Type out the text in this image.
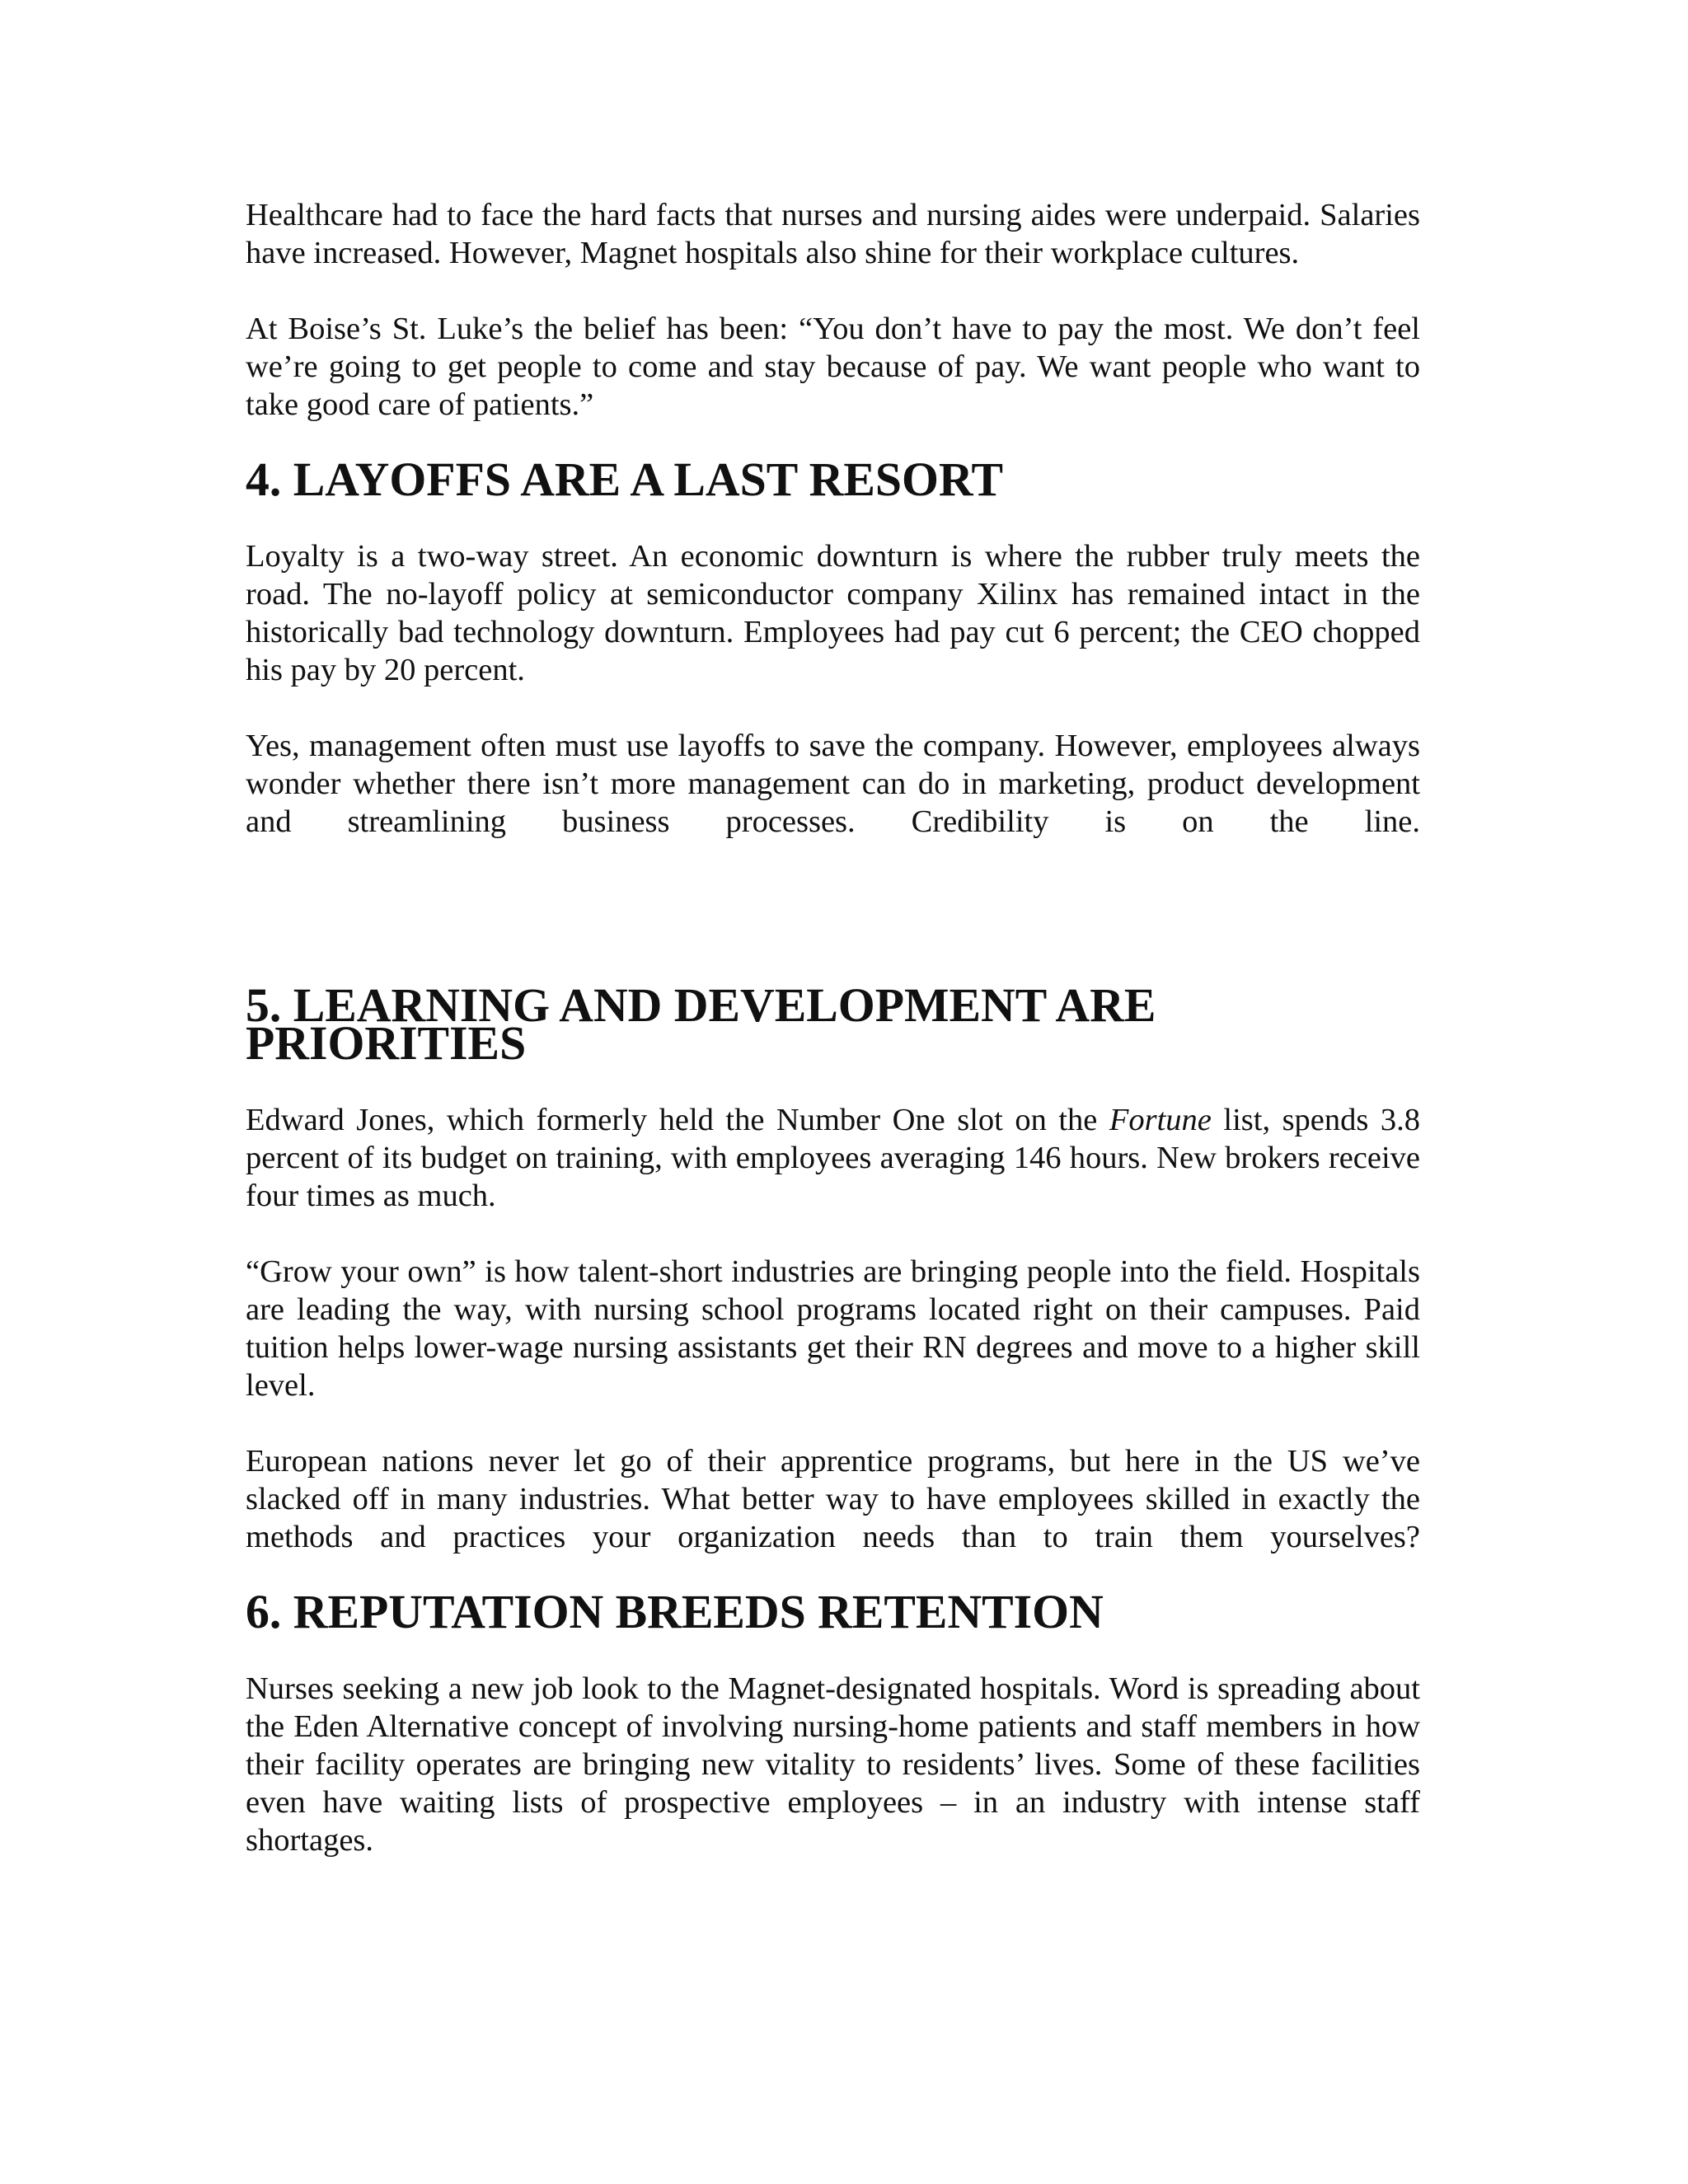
Healthcare had to face the hard facts that nurses and nursing aides were underpaid. Salaries have increased. However, Magnet hospitals also shine for their workplace cultures.

At Boise’s St. Luke’s the belief has been: “You don’t have to pay the most. We don’t feel we’re going to get people to come and stay because of pay. We want people who want to take good care of patients.”

4. LAYOFFS ARE A LAST RESORT

Loyalty is a two-way street. An economic downturn is where the rubber truly meets the road. The no-layoff policy at semiconductor company Xilinx has remained intact in the historically bad technology downturn. Employees had pay cut 6 percent; the CEO chopped his pay by 20 percent.

Yes, management often must use layoffs to save the company. However, employees always wonder whether there isn’t more management can do in marketing, product development and streamlining business processes. Credibility is on the line.

5. LEARNING AND DEVELOPMENT ARE PRIORITIES

Edward Jones, which formerly held the Number One slot on the Fortune list, spends 3.8 percent of its budget on training, with employees averaging 146 hours. New brokers receive four times as much.

“Grow your own” is how talent-short industries are bringing people into the field. Hospitals are leading the way, with nursing school programs located right on their campuses. Paid tuition helps lower-wage nursing assistants get their RN degrees and move to a higher skill level.

European nations never let go of their apprentice programs, but here in the US we’ve slacked off in many industries. What better way to have employees skilled in exactly the methods and practices your organization needs than to train them yourselves?

6. REPUTATION BREEDS RETENTION

Nurses seeking a new job look to the Magnet-designated hospitals. Word is spreading about the Eden Alternative concept of involving nursing-home patients and staff members in how their facility operates are bringing new vitality to residents’ lives. Some of these facilities even have waiting lists of prospective employees – in an industry with intense staff shortages.
